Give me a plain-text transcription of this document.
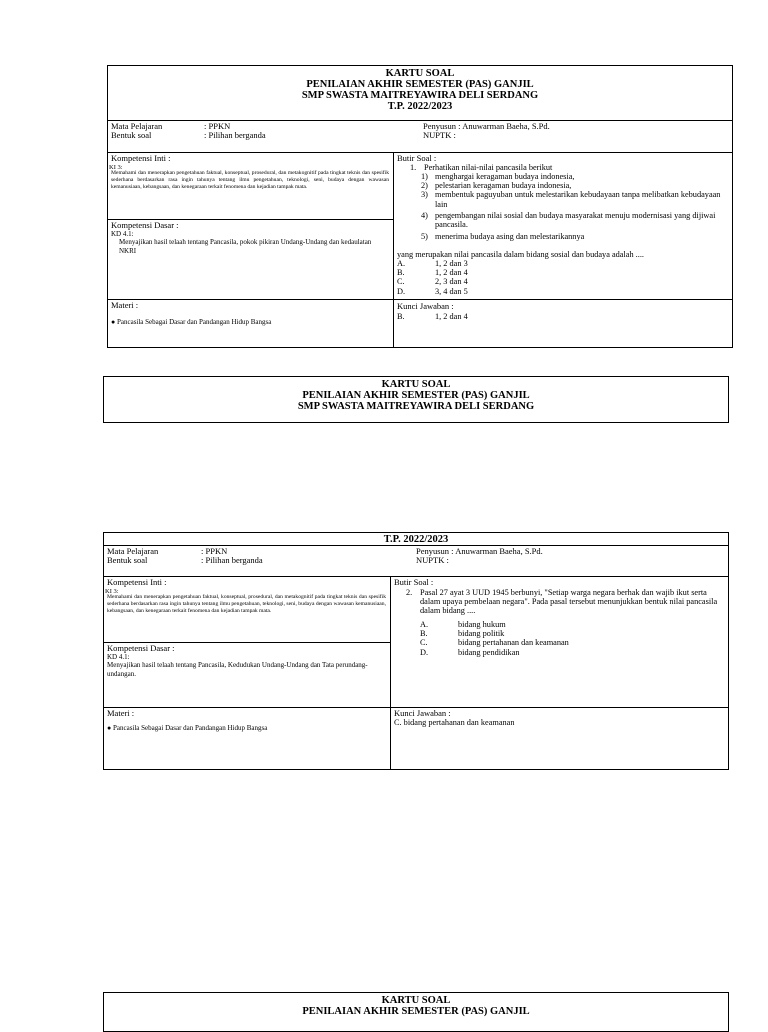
KARTU SOAL
PENILAIAN AKHIR SEMESTER (PAS) GANJIL
SMP SWASTA MAITREYAWIRA DELI SERDANG
T.P. 2022/2023
Mata Pelajaran	: PPKN
Bentuk soal	: Pilihan berganda
Penyusun : Anuwarman Baeha, S.Pd.
NUPTK :
Kompetensi Inti :
KI 3:
Memahami dan menerapkan pengetahuan faktual, konseptual, prosedural, dan metakognitif pada tingkat teknis dan spesifik sederhana berdasarkan rasa ingin tahunya tentang ilmu pengetahuan, teknologi, seni, budaya dengan wawasan kemanusiaan, kebangsaan, dan kenegaraan terkait fenomena dan kejadian tampak mata.
Kompetensi Dasar :
KD 4.1:
Menyajikan hasil telaah tentang Pancasila, pokok pikiran Undang-Undang dan kedaulatan NKRI
Materi :
● Pancasila Sebagai Dasar dan Pandangan Hidup Bangsa
Butir Soal :
1. Perhatikan nilai-nilai pancasila berikut
1) menghargai keragaman budaya indonesia,
2) pelestarian keragaman budaya indonesia,
3) membentuk paguyuban untuk melestarikan kebudayaan tanpa melibatkan kebudayaan lain
4) pengembangan nilai sosial dan budaya masyarakat menuju modernisasi yang dijiwai pancasila.
5) menerima budaya asing dan melestarikannya
yang merupakan nilai pancasila dalam bidang sosial dan budaya adalah ....
A.	1, 2 dan 3
B.	1, 2 dan 4
C.	2, 3 dan 4
D.	3, 4 dan 5
Kunci Jawaban :
B.	1, 2 dan 4
KARTU SOAL
PENILAIAN AKHIR SEMESTER (PAS) GANJIL
SMP SWASTA MAITREYAWIRA DELI SERDANG
T.P. 2022/2023
Mata Pelajaran	: PPKN
Bentuk soal	: Pilihan berganda
Penyusun : Anuwarman Baeha, S.Pd.
NUPTK :
Kompetensi Inti :
KI 3:
Memahami dan menerapkan pengetahuan faktual, konseptual, prosedural, dan metakognitif pada tingkat teknis dan spesifik sederhana berdasarkan rasa ingin tahunya tentang ilmu pengetahuan, teknologi, seni, budaya dengan wawasan kemanusiaan, kebangsaan, dan kenegaraan terkait fenomena dan kejadian tampak mata.
Kompetensi Dasar :
KD 4.1:
Menyajikan hasil telaah tentang Pancasila, Kedudukan Undang-Undang dan Tata perundang-undangan.
Materi :
● Pancasila Sebagai Dasar dan Pandangan Hidup Bangsa
Butir Soal :
2. Pasal 27 ayat 3 UUD 1945 berbunyi, "Setiap warga negara berhak dan wajib ikut serta dalam upaya pembelaan negara". Pada pasal tersebut menunjukkan bentuk nilai pancasila dalam bidang ....
A.	bidang hukum
B.	bidang politik
C.	bidang pertahanan dan keamanan
D.	bidang pendidikan
Kunci Jawaban :
C. bidang pertahanan dan keamanan
KARTU SOAL
PENILAIAN AKHIR SEMESTER (PAS) GANJIL
